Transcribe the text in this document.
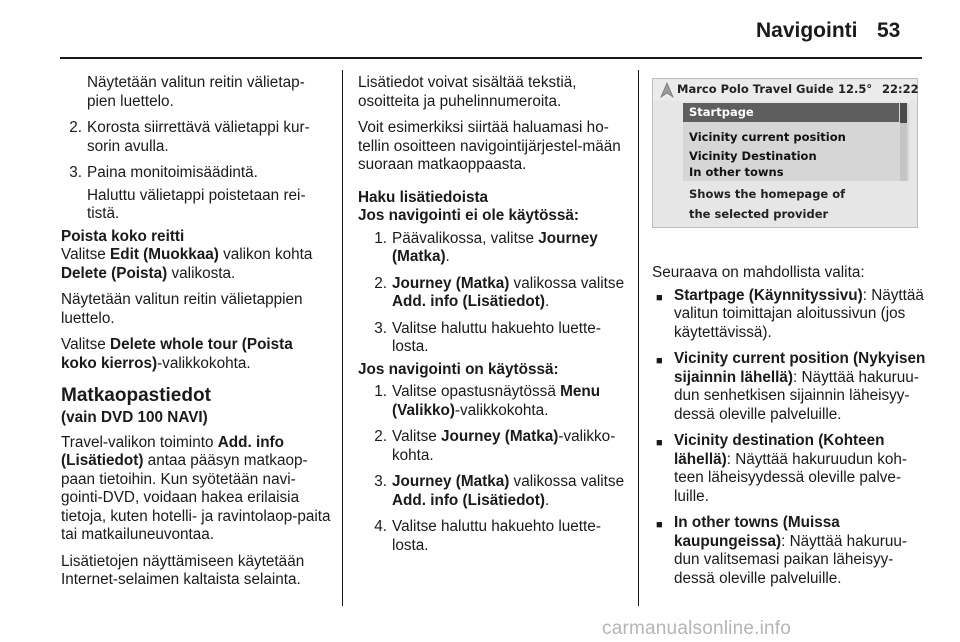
Navigointi 53

Näytetään valitun reitin välietap-pien luettelo.

2. Korosta siirrettävä välietappi kur-sorin avulla.
3. Paina monitoimisäädintä.

Haluttu välietappi poistetaan rei-tistä.

Poista koko reitti

Valitse Edit (Muokkaa) valikon kohta Delete (Poista) valikosta.

Näytetään valitun reitin välietappien luettelo.

Valitse Delete whole tour (Poista koko kierros)-valikkokohta.

Matkaopastiedot

(vain DVD 100 NAVI)

Travel-valikon toiminto Add. info (Lisätiedot) antaa pääsyn matkaop-paan tietoihin. Kun syötetään navi-gointi-DVD, voidaan hakea erilaisia tietoja, kuten hotelli- ja ravintolaop-paita tai matkailuneuvontaa.

Lisätietojen näyttämiseen käytetään Internet-selaimen kaltaista selainta.

Lisätiedot voivat sisältää tekstiä, osoitteita ja puhelinnumeroita.

Voit esimerkiksi siirtää haluamasi ho-tellin osoitteen navigointijärjestel-mään suoraan matkaoppaasta.

Haku lisätiedoista

Jos navigointi ei ole käytössä:

1. Päävalikossa, valitse Journey (Matka).
2. Journey (Matka) valikossa valitse Add. info (Lisätiedot).
3. Valitse haluttu hakuehto luette-losta.

Jos navigointi on käytössä:

1. Valitse opastusnäytössä Menu (Valikko)-valikkokohta.
2. Valitse Journey (Matka)-valikko-kohta.
3. Journey (Matka) valikossa valitse Add. info (Lisätiedot).
4. Valitse haluttu hakuehto luette-losta.
Marco Polo Travel Guide 12.5° 22:22
Startpage
Vicinity current position
Vicinity Destination
In other towns
Shows the homepage of
the selected provider

Seuraava on mahdollista valita:

■ Startpage (Käynnityssivu): Näyttää valitun toimittajan aloitussivun (jos käytettävissä).
■ Vicinity current position (Nykyisen sijainnin lähellä): Näyttää hakuruu-dun senhetkisen sijainnin läheisyy-dessä oleville palveluille.
■ Vicinity destination (Kohteen lähellä): Näyttää hakuruudun koh-teen läheisyydessä oleville palve-luille.
■ In other towns (Muissa kaupungeissa): Näyttää hakuruu-dun valitsemasi paikan läheisyy-dessä oleville palveluille.
carmanualsonline.info
